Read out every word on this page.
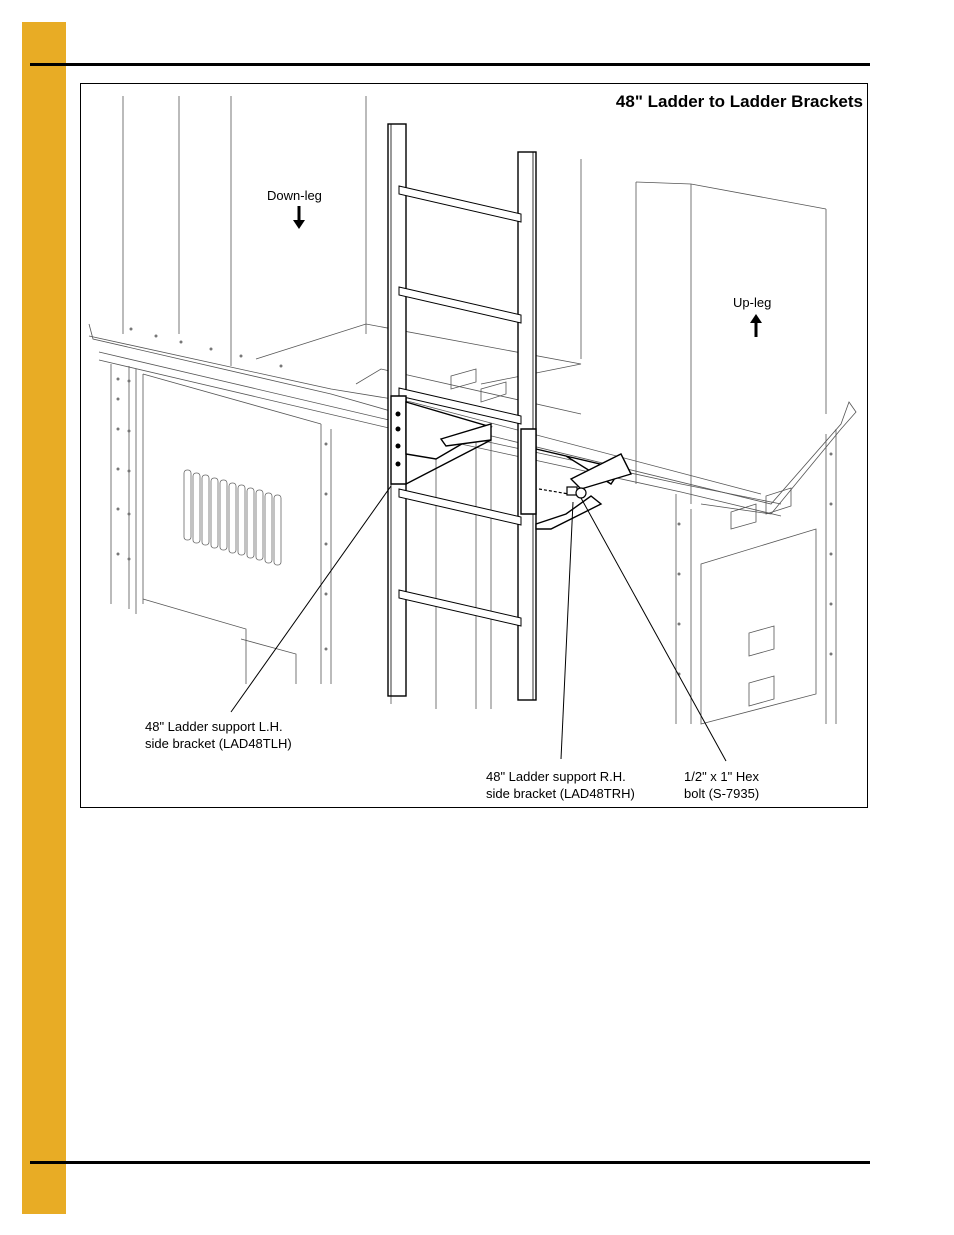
48" Ladder to Ladder Brackets
Down-leg
Up-leg
48" Ladder support L.H.
side bracket (LAD48TLH)
48" Ladder support R.H.
side bracket (LAD48TRH)
1/2" x 1" Hex
bolt (S-7935)
